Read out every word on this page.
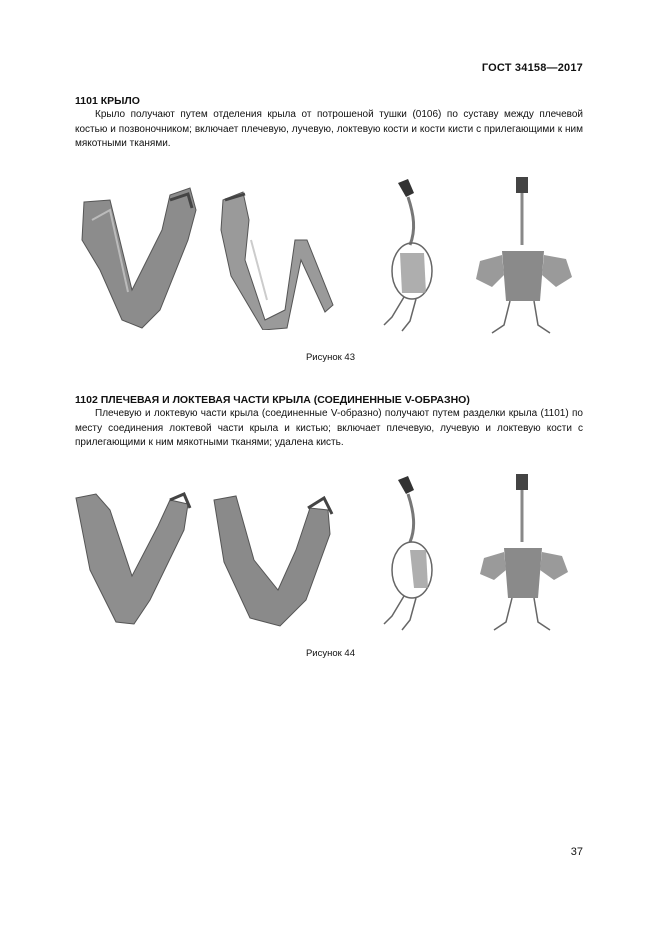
ГОСТ 34158—2017

1101 КРЫЛО

Крыло получают путем отделения крыла от потрошеной тушки (0106) по суставу между плечевой костью и позвоночником; включает плечевую, лучевую, локтевую кости и кости кисти с прилегающими к ним мякотными тканями.

Рисунок 43

1102 ПЛЕЧЕВАЯ И ЛОКТЕВАЯ ЧАСТИ КРЫЛА (СОЕДИНЕННЫЕ V-ОБРАЗНО)

Плечевую и локтевую части крыла (соединенные V-образно) получают путем разделки крыла (1101) по месту соединения локтевой части крыла и кистью; включает плечевую, лучевую и локтевую кости с прилегающими к ним мякотными тканями; удалена кисть.

Рисунок 44
37
